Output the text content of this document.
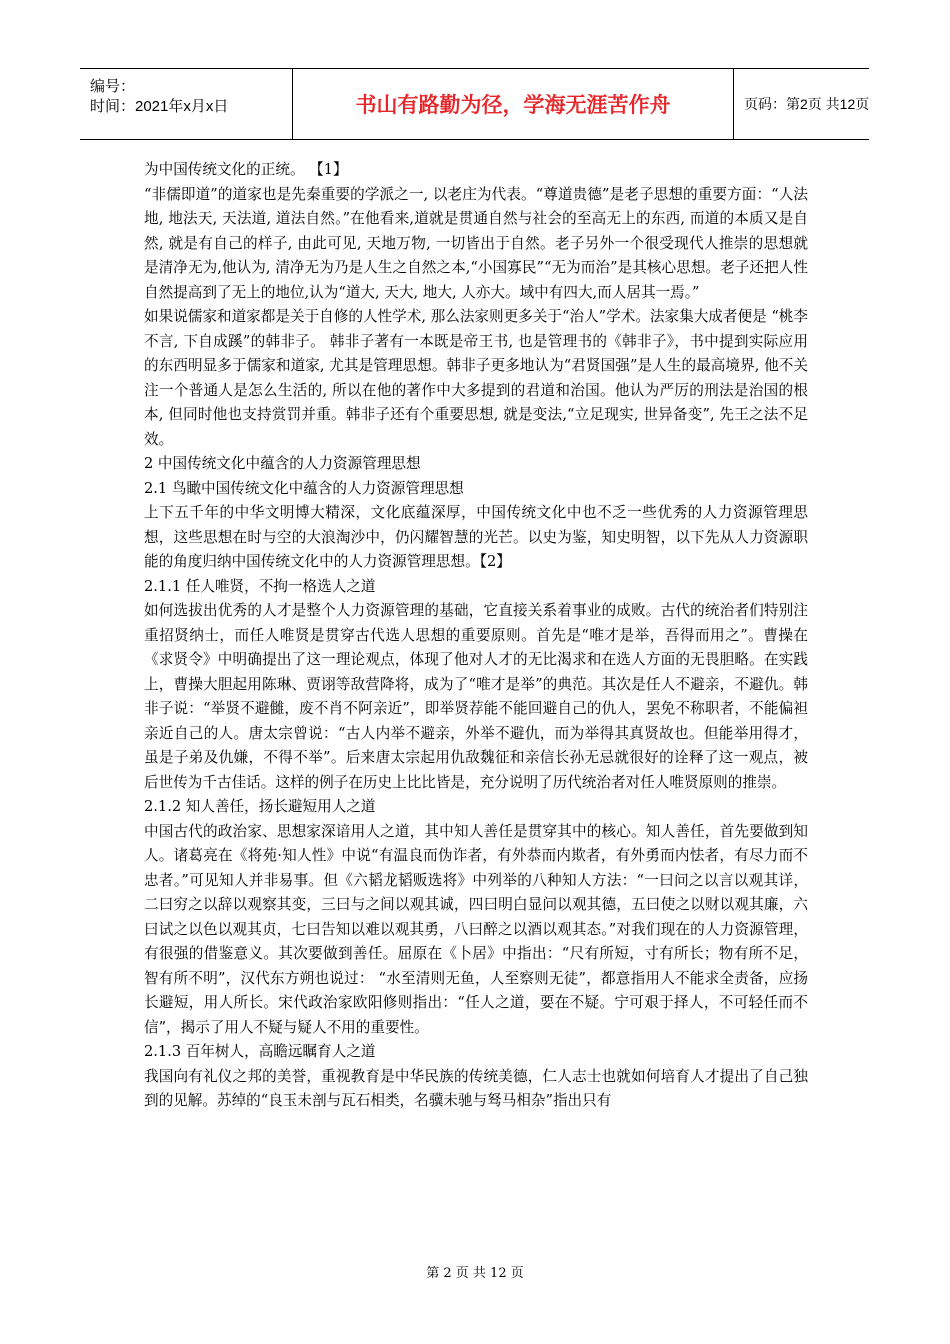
编号：
时间：2021年x月x日	书山有路勤为径，学海无涯苦作舟	页码：第2页 共12页

为中国传统文化的正统。 【1】

“非儒即道”的道家也是先秦重要的学派之一, 以老庄为代表。“尊道贵德”是老子思想的重要方面：“人法地, 地法天, 天法道, 道法自然。”在他看来,道就是贯通自然与社会的至高无上的东西, 而道的本质又是自然, 就是有自己的样子, 由此可见, 天地万物, 一切皆出于自然。老子另外一个很受现代人推崇的思想就是清净无为,他认为, 清净无为乃是人生之自然之本,“小国寡民”“无为而治”是其核心思想。老子还把人性自然提高到了无上的地位,认为“道大, 天大, 地大, 人亦大。域中有四大,而人居其一焉。”

如果说儒家和道家都是关于自修的人性学术, 那么法家则更多关于“治人”学术。法家集大成者便是 “桃李不言, 下自成蹊”的韩非子。 韩非子著有一本既是帝王书, 也是管理书的《韩非子》，书中提到实际应用的东西明显多于儒家和道家, 尤其是管理思想。韩非子更多地认为“君贤国强”是人生的最高境界, 他不关注一个普通人是怎么生活的, 所以在他的著作中大多提到的君道和治国。他认为严厉的刑法是治国的根本, 但同时他也支持赏罚并重。韩非子还有个重要思想, 就是变法,“立足现实, 世异备变”, 先王之法不足效。

2 中国传统文化中蕴含的人力资源管理思想

2.1 鸟瞰中国传统文化中蕴含的人力资源管理思想

上下五千年的中华文明博大精深，文化底蕴深厚，中国传统文化中也不乏一些优秀的人力资源管理思想，这些思想在时与空的大浪淘沙中，仍闪耀智慧的光芒。以史为鉴，知史明智，以下先从人力资源职能的角度归纳中国传统文化中的人力资源管理思想。【2】

2.1.1 任人唯贤，不拘一格选人之道

如何选拔出优秀的人才是整个人力资源管理的基础，它直接关系着事业的成败。古代的统治者们特别注重招贤纳士，而任人唯贤是贯穿古代选人思想的重要原则。首先是“唯才是举，吾得而用之”。曹操在《求贤令》中明确提出了这一理论观点，体现了他对人才的无比渴求和在选人方面的无畏胆略。在实践上，曹操大胆起用陈琳、贾诩等敌营降将，成为了“唯才是举”的典范。其次是任人不避亲，不避仇。韩非子说：“举贤不避雠，废不肖不阿亲近”，即举贤荐能不能回避自己的仇人，罢免不称职者，不能偏袒亲近自己的人。唐太宗曾说：“古人内举不避亲，外举不避仇，而为举得其真贤故也。但能举用得才，虽是子弟及仇嫌，不得不举”。后来唐太宗起用仇敌魏征和亲信长孙无忌就很好的诠释了这一观点，被后世传为千古佳话。这样的例子在历史上比比皆是，充分说明了历代统治者对任人唯贤原则的推崇。

2.1.2 知人善任，扬长避短用人之道

中国古代的政治家、思想家深谙用人之道，其中知人善任是贯穿其中的核心。知人善任，首先要做到知人。诸葛亮在《将苑·知人性》中说“有温良而伪诈者，有外恭而内欺者，有外勇而内怯者，有尽力而不忠者。”可见知人并非易事。但《六韬龙韬贩选将》中列举的八种知人方法：“一曰问之以言以观其详，二曰穷之以辞以观察其变，三曰与之间以观其诚，四曰明白显问以观其德，五曰使之以财以观其廉，六曰试之以色以观其贞，七曰告知以难以观其勇，八曰醉之以酒以观其态。”对我们现在的人力资源管理，有很强的借鉴意义。其次要做到善任。屈原在《卜居》中指出：“尺有所短，寸有所长；物有所不足，智有所不明”，汉代东方朔也说过： “水至清则无鱼，人至察则无徒”，都意指用人不能求全责备，应扬长避短，用人所长。宋代政治家欧阳修则指出：“任人之道，要在不疑。宁可艰于择人，不可轻任而不信”，揭示了用人不疑与疑人不用的重要性。

2.1.3 百年树人，高瞻远瞩育人之道

我国向有礼仪之邦的美誉，重视教育是中华民族的传统美德，仁人志士也就如何培育人才提出了自己独到的见解。苏绰的“良玉未剖与瓦石相类，名骥未驰与驽马相杂”指出只有

第 2 页 共 12 页
